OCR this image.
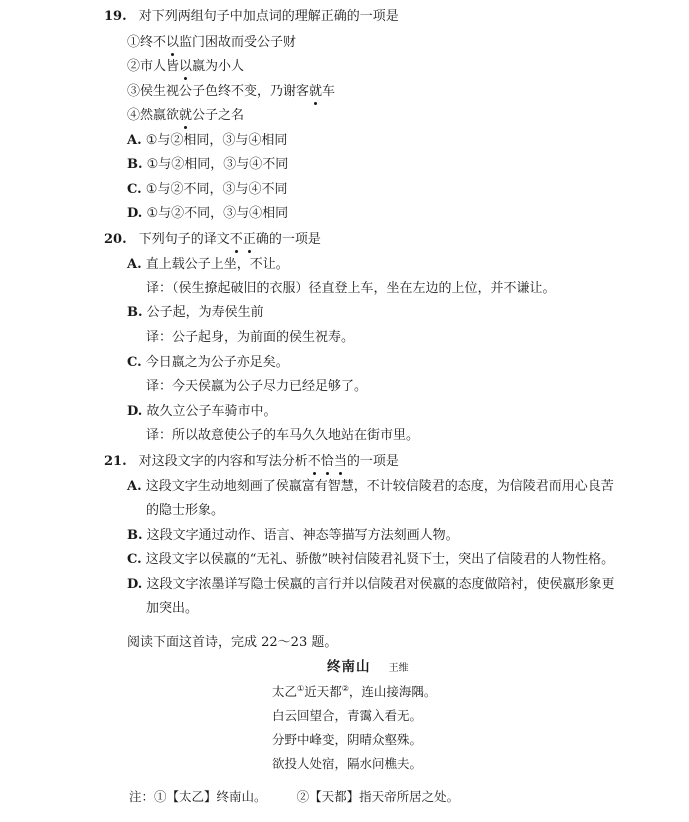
19. 对下列两组句子中加点词的理解正确的一项是
①终不以监门困故而受公子财
②市人皆以嬴为小人
③侯生视公子色终不变，乃谢客就车
④然嬴欲就公子之名
A. ①与②相同，③与④相同
B. ①与②相同，③与④不同
C. ①与②不同，③与④不同
D. ①与②不同，③与④相同
20. 下列句子的译文不正确的一项是
A. 直上载公子上坐，不让。
译：（侯生撩起破旧的衣服）径直登上车，坐在左边的上位，并不谦让。
B. 公子起，为寿侯生前
译：公子起身，为前面的侯生祝寿。
C. 今日嬴之为公子亦足矣。
译：今天侯嬴为公子尽力已经足够了。
D. 故久立公子车骑市中。
译：所以故意使公子的车马久久地站在街市里。
21. 对这段文字的内容和写法分析不恰当的一项是
A. 这段文字生动地刻画了侯嬴富有智慧，不计较信陵君的态度，为信陵君而用心良苦
的隐士形象。
B. 这段文字通过动作、语言、神态等描写方法刻画人物。
C. 这段文字以侯嬴的“无礼、骄傲”映衬信陵君礼贤下士，突出了信陵君的人物性格。
D. 这段文字浓墨详写隐士侯嬴的言行并以信陵君对侯嬴的态度做陪衬，使侯嬴形象更
加突出。
阅读下面这首诗，完成 22～23 题。
终南山 王维
太乙①近天都②，连山接海隅。
白云回望合，青霭入看无。
分野中峰变，阴晴众壑殊。
欲投人处宿，隔水问樵夫。
注：①【太乙】终南山。    ②【天都】指天帝所居之处。
